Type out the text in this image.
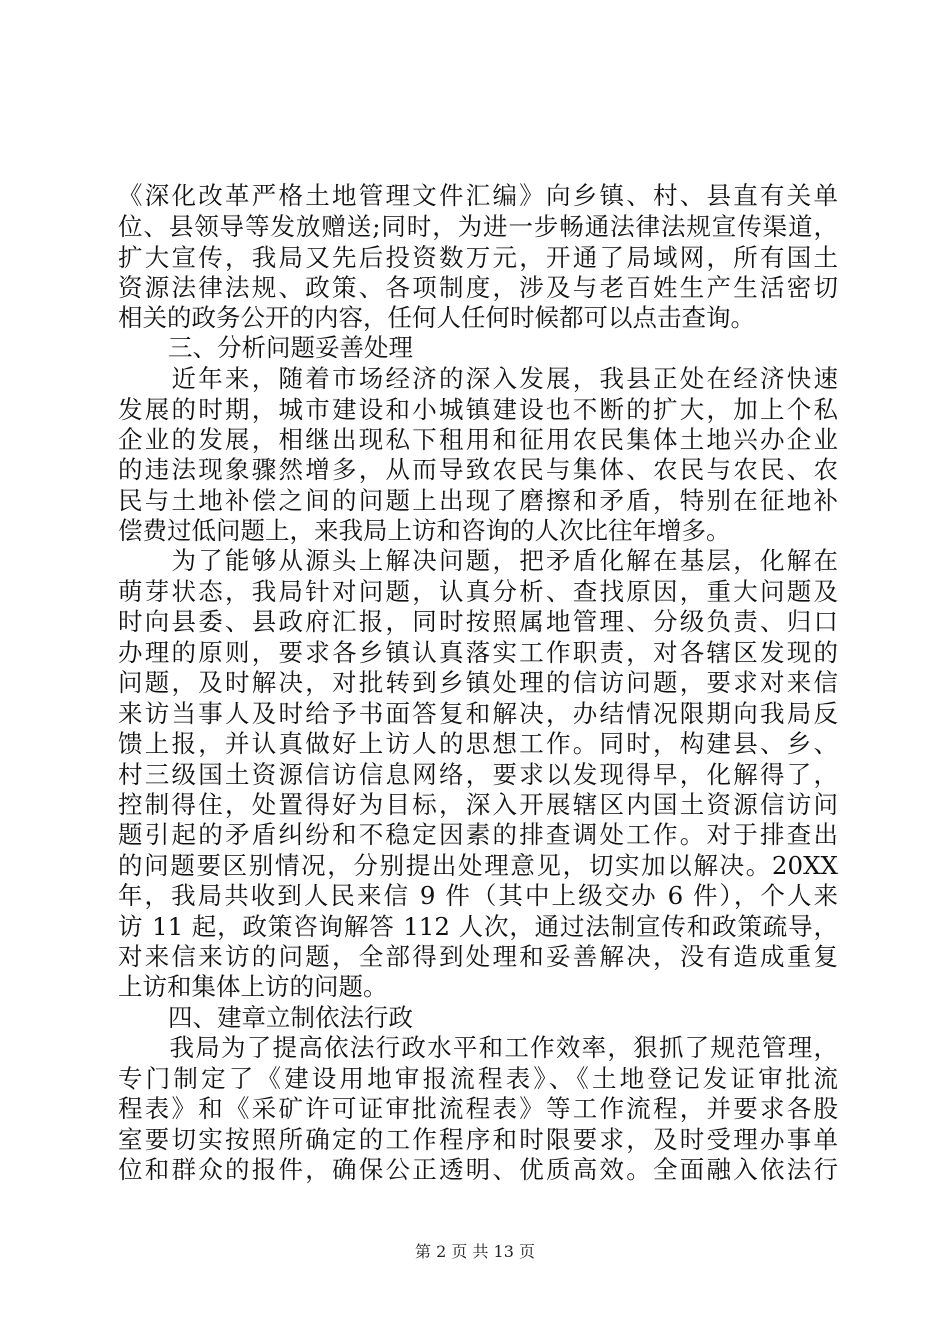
《深化改革严格土地管理文件汇编》向乡镇、村、县直有关单
位、县领导等发放赠送;同时，为进一步畅通法律法规宣传渠道，
扩大宣传，我局又先后投资数万元，开通了局域网，所有国土
资源法律法规、政策、各项制度，涉及与老百姓生产生活密切
相关的政务公开的内容，任何人任何时候都可以点击查询。
三、分析问题妥善处理
　　近年来，随着市场经济的深入发展，我县正处在经济快速
发展的时期，城市建设和小城镇建设也不断的扩大，加上个私
企业的发展，相继出现私下租用和征用农民集体土地兴办企业
的违法现象骤然增多，从而导致农民与集体、农民与农民、农
民与土地补偿之间的问题上出现了磨擦和矛盾，特别在征地补
偿费过低问题上，来我局上访和咨询的人次比往年增多。
　　为了能够从源头上解决问题，把矛盾化解在基层，化解在
萌芽状态，我局针对问题，认真分析、查找原因，重大问题及
时向县委、县政府汇报，同时按照属地管理、分级负责、归口
办理的原则，要求各乡镇认真落实工作职责，对各辖区发现的
问题，及时解决，对批转到乡镇处理的信访问题，要求对来信
来访当事人及时给予书面答复和解决，办结情况限期向我局反
馈上报，并认真做好上访人的思想工作。同时，构建县、乡、
村三级国土资源信访信息网络，要求以发现得早，化解得了，
控制得住，处置得好为目标，深入开展辖区内国土资源信访问
题引起的矛盾纠纷和不稳定因素的排查调处工作。对于排查出
的问题要区别情况，分别提出处理意见，切实加以解决。20XX
年，我局共收到人民来信 9 件（其中上级交办 6 件），个人来
访 11 起，政策咨询解答 112 人次，通过法制宣传和政策疏导，
对来信来访的问题，全部得到处理和妥善解决，没有造成重复
上访和集体上访的问题。
四、建章立制依法行政
　　我局为了提高依法行政水平和工作效率，狠抓了规范管理，
专门制定了《建设用地审报流程表》、《土地登记发证审批流
程表》和《采矿许可证审批流程表》等工作流程，并要求各股
室要切实按照所确定的工作程序和时限要求，及时受理办事单
位和群众的报件，确保公正透明、优质高效。全面融入依法行
第 2 页 共 13 页
